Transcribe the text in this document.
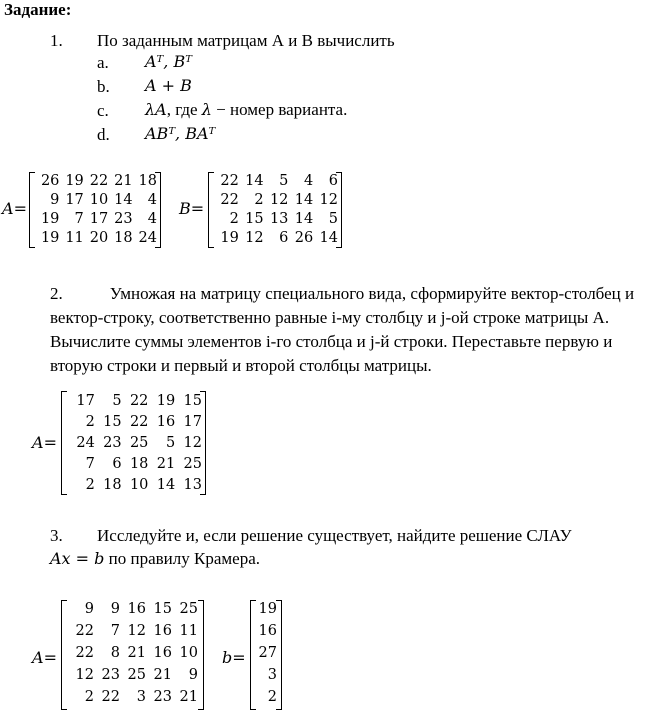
Задание:
1. По заданным матрицам А и В вычислить
a. Aᵀ, Bᵀ
b. A + B
c. λA, где λ − номер варианта.
d. ABᵀ, BAᵀ
A=
26	19	22	21	18
9	17	10	14	4
19	7	17	23	4
19	11	20	18	24
B=
22	14	5	4	6
22	2	12	14	12
2	15	13	14	5
19	12	6	26	14
2.	Умножая на матрицу специального вида, сформируйте вектор-столбец и вектор-строку, соответственно равные i-му столбцу и j-ой строке матрицы А. Вычислите суммы элементов i-го столбца и j-й строки. Переставьте первую и вторую строки и первый и второй столбцы матрицы.
A=
17	5	22	19	15
2	15	22	16	17
24	23	25	5	12
7	6	18	21	25
2	18	10	14	13
3. Исследуйте и, если решение существует, найдите решение СЛАУ
Ax = b по правилу Крамера.
A=
9	9	16	15	25
22	7	12	16	11
22	8	21	16	10
12	23	25	21	9
2	22	3	23	21
b=
19
16
27
3
2
